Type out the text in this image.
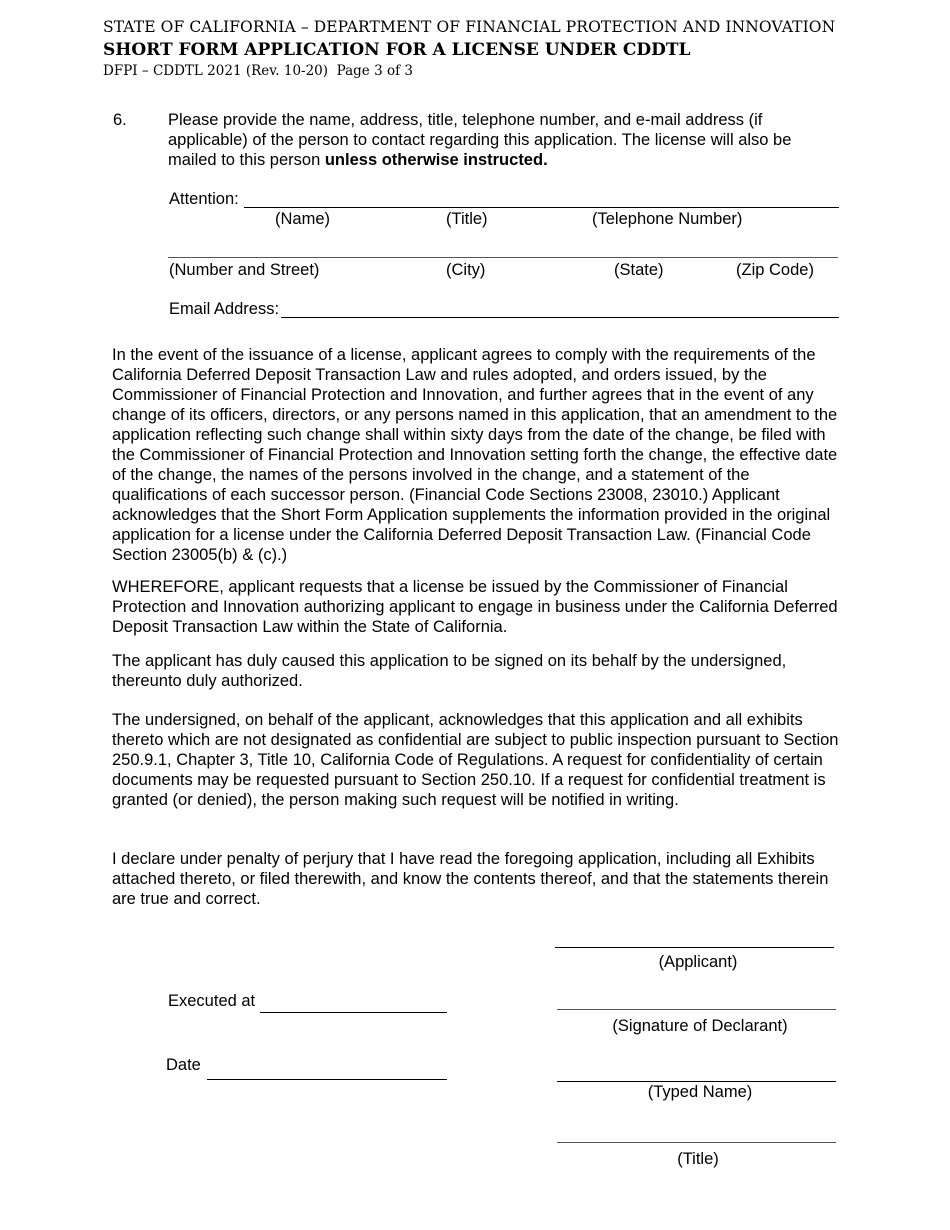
STATE OF CALIFORNIA – DEPARTMENT OF FINANCIAL PROTECTION AND INNOVATION
SHORT FORM APPLICATION FOR A LICENSE UNDER CDDTL
DFPI – CDDTL 2021 (Rev. 10-20) Page 3 of 3
6. Please provide the name, address, title, telephone number, and e-mail address (if
applicable) of the person to contact regarding this application. The license will also be
mailed to this person unless otherwise instructed.
Attention:
(Name)	(Title)	(Telephone Number)
(Number and Street)	(City)	(State)	(Zip Code)
Email Address:

In the event of the issuance of a license, applicant agrees to comply with the requirements of the California Deferred Deposit Transaction Law and rules adopted, and orders issued, by the Commissioner of Financial Protection and Innovation, and further agrees that in the event of any change of its officers, directors, or any persons named in this application, that an amendment to the application reflecting such change shall within sixty days from the date of the change, be filed with the Commissioner of Financial Protection and Innovation setting forth the change, the effective date of the change, the names of the persons involved in the change, and a statement of the qualifications of each successor person. (Financial Code Sections 23008, 23010.) Applicant acknowledges that the Short Form Application supplements the information provided in the original application for a license under the California Deferred Deposit Transaction Law. (Financial Code Section 23005(b) & (c).)

WHEREFORE, applicant requests that a license be issued by the Commissioner of Financial Protection and Innovation authorizing applicant to engage in business under the California Deferred Deposit Transaction Law within the State of California.

The applicant has duly caused this application to be signed on its behalf by the undersigned, thereunto duly authorized.

The undersigned, on behalf of the applicant, acknowledges that this application and all exhibits thereto which are not designated as confidential are subject to public inspection pursuant to Section 250.9.1, Chapter 3, Title 10, California Code of Regulations. A request for confidentiality of certain documents may be requested pursuant to Section 250.10. If a request for confidential treatment is granted (or denied), the person making such request will be notified in writing.

I declare under penalty of perjury that I have read the foregoing application, including all Exhibits attached thereto, or filed therewith, and know the contents thereof, and that the statements therein are true and correct.

(Applicant)
Executed at
(Signature of Declarant)
Date
(Typed Name)
(Title)
